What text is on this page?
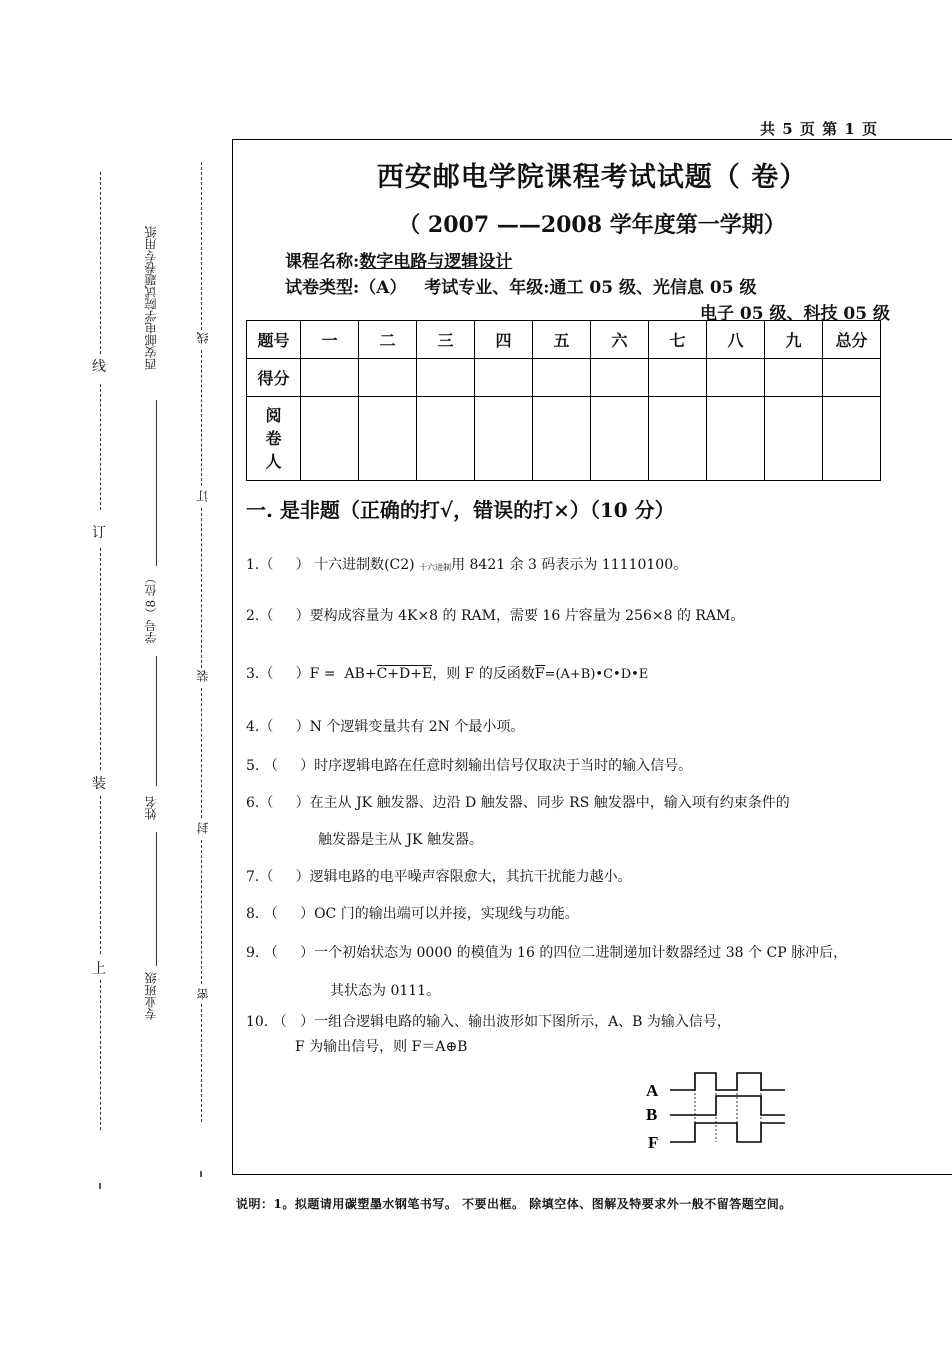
共 5 页 第 1 页
西安邮电学院课程考试试题（ 卷）
（ 2007 ——2008 学年度第一学期）
课程名称:数字电路与逻辑设计
试卷类型:（A） 考试专业、年级:通工 05 级、光信息 05 级
电子 05 级、科技 05 级
题号	一	二	三	四	五	六	七	八	九	总分
得分										

阅
卷
人										

一. 是非题（正确的打√，错误的打×）（10 分）
1.（ ） 十六进制数(C2) 十六进制用 8421 余 3 码表示为 11110100。
2.（ ）要构成容量为 4K×8 的 RAM，需要 16 片容量为 256×8 的 RAM。
3.（ ）F = AB+C+D+E，则 F 的反函数F=(A+B)•C•D•E
4.（ ）N 个逻辑变量共有 2N 个最小项。
5. （ ）时序逻辑电路在任意时刻输出信号仅取决于当时的输入信号。
6.（ ）在主从 JK 触发器、边沿 D 触发器、同步 RS 触发器中，输入项有约束条件的
触发器是主从 JK 触发器。
7.（ ）逻辑电路的电平噪声容限愈大，其抗干扰能力越小。
8. （ ）OC 门的输出端可以并接，实现线与功能。
9. （ ）一个初始状态为 0000 的模值为 16 的四位二进制递加计数器经过 38 个 CP 脉冲后，
其状态为 0111。
10. （ ）一组合逻辑电路的输入、输出波形如下图所示，A、B 为输入信号，
F 为输出信号，则 F＝A⊕B
A
B
F
线
订
装
上
线
订
装
封
密
西安邮电学院试题卷专用纸
学号（8 位）
姓名
专业班级
说明：1。拟题请用碳塑墨水钢笔书写。 不要出框。 除填空体、图解及特要求外一般不留答题空间。
